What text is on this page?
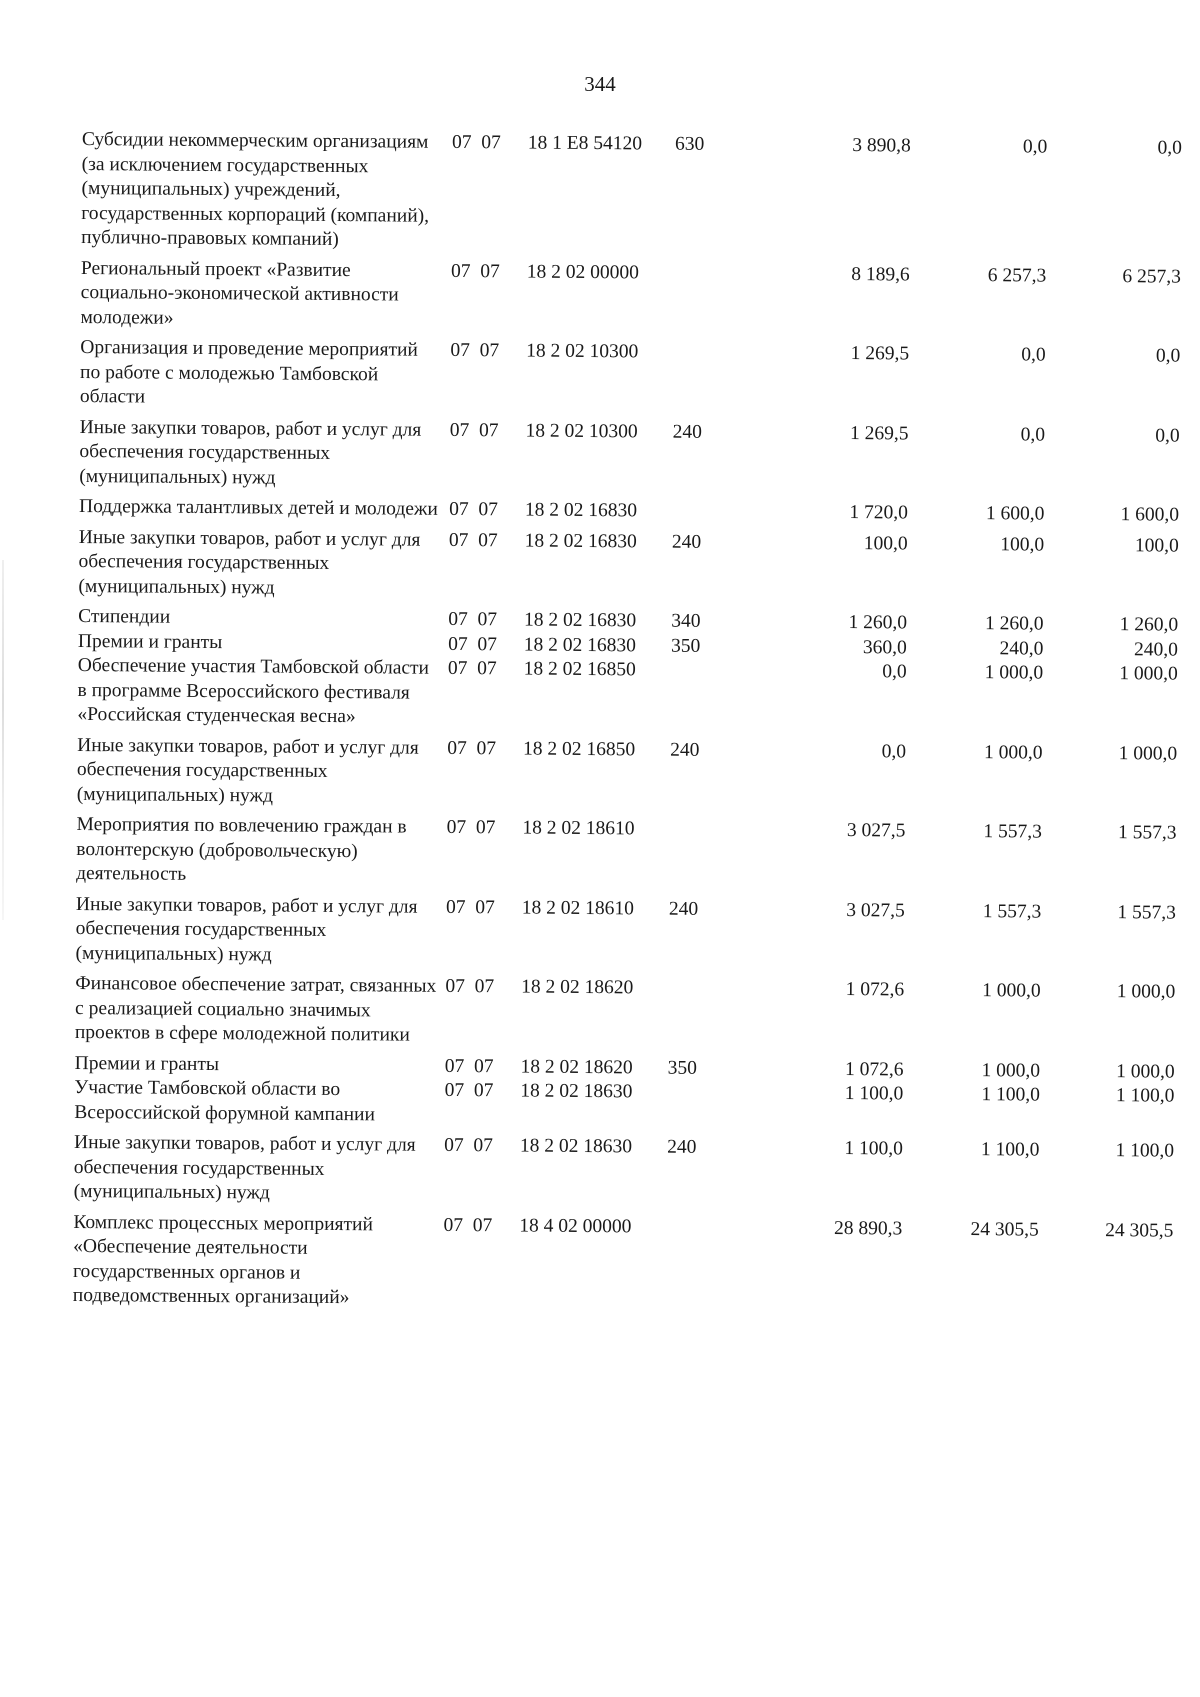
344
Субсидии некоммерческим организациям (за исключением государственных (муниципальных) учреждений, государственных корпораций (компаний), публично-правовых компаний)	07  07	18 1 E8 54120	630	3 890,8	0,0	0,0
Региональный проект «Развитие социально-экономической активности молодежи»	07  07	18 2 02 00000		8 189,6	6 257,3	6 257,3
Организация и проведение мероприятий по работе с молодежью Тамбовской области	07  07	18 2 02 10300		1 269,5	0,0	0,0
Иные закупки товаров, работ и услуг для обеспечения государственных (муниципальных) нужд	07  07	18 2 02 10300	240	1 269,5	0,0	0,0
Поддержка талантливых детей и молодежи	07  07	18 2 02 16830		1 720,0	1 600,0	1 600,0
Иные закупки товаров, работ и услуг для обеспечения государственных (муниципальных) нужд	07  07	18 2 02 16830	240	100,0	100,0	100,0
Стипендии	07  07	18 2 02 16830	340	1 260,0	1 260,0	1 260,0
Премии и гранты	07  07	18 2 02 16830	350	360,0	240,0	240,0
Обеспечение участия Тамбовской области в программе Всероссийского фестиваля «Российская студенческая весна»	07  07	18 2 02 16850		0,0	1 000,0	1 000,0
Иные закупки товаров, работ и услуг для обеспечения государственных (муниципальных) нужд	07  07	18 2 02 16850	240	0,0	1 000,0	1 000,0
Мероприятия по вовлечению граждан в волонтерскую (добровольческую) деятельность	07  07	18 2 02 18610		3 027,5	1 557,3	1 557,3
Иные закупки товаров, работ и услуг для обеспечения государственных (муниципальных) нужд	07  07	18 2 02 18610	240	3 027,5	1 557,3	1 557,3
Финансовое обеспечение затрат, связанных с реализацией социально значимых проектов в сфере молодежной политики	07  07	18 2 02 18620		1 072,6	1 000,0	1 000,0
Премии и гранты	07  07	18 2 02 18620	350	1 072,6	1 000,0	1 000,0
Участие Тамбовской области во Всероссийской форумной кампании	07  07	18 2 02 18630		1 100,0	1 100,0	1 100,0
Иные закупки товаров, работ и услуг для обеспечения государственных (муниципальных) нужд	07  07	18 2 02 18630	240	1 100,0	1 100,0	1 100,0
Комплекс процессных мероприятий «Обеспечение деятельности государственных органов и подведомственных организаций»	07  07	18 4 02 00000		28 890,3	24 305,5	24 305,5
